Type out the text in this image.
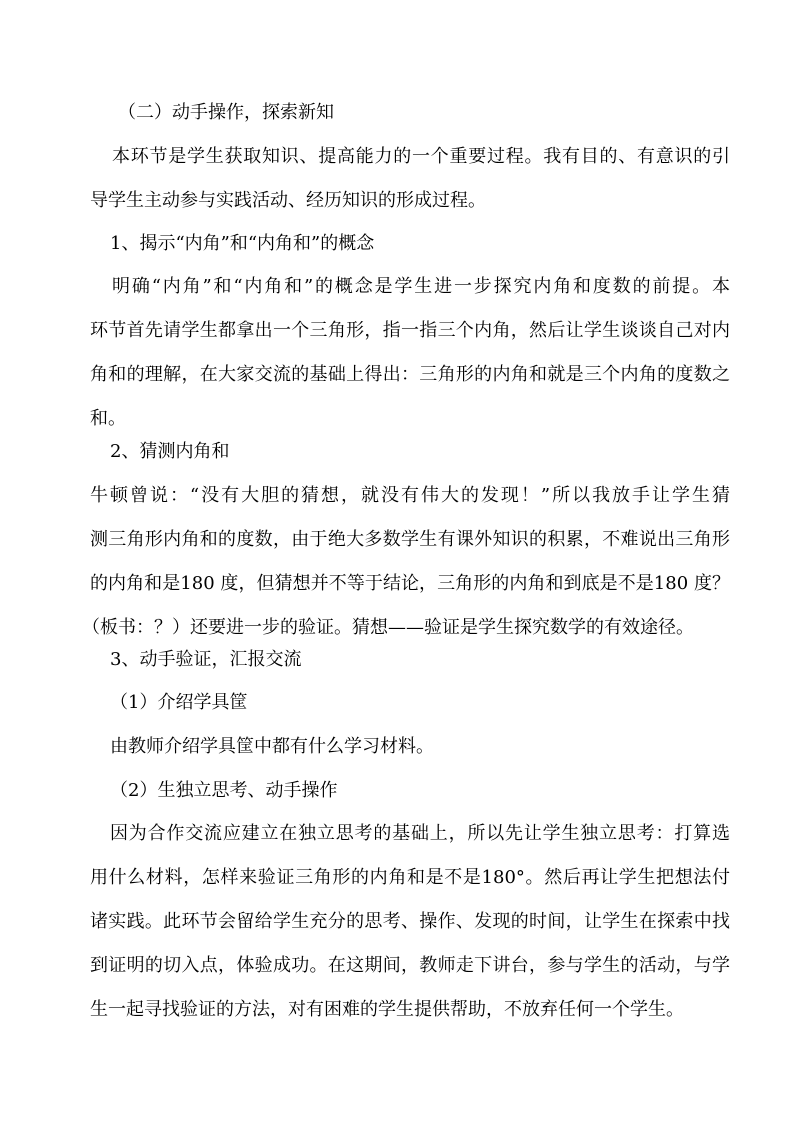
（二）动手操作，探索新知
本环节是学生获取知识、提高能力的一个重要过程。我有目的、有意识的引
导学生主动参与实践活动、经历知识的形成过程。
1、揭示“内角”和“内角和”的概念
明确“内角”和“内角和”的概念是学生进一步探究内角和度数的前提。本
环节首先请学生都拿出一个三角形，指一指三个内角，然后让学生谈谈自己对内
角和的理解，在大家交流的基础上得出：三角形的内角和就是三个内角的度数之
和。
2、猜测内角和
牛顿曾说：“没有大胆的猜想，就没有伟大的发现！”所以我放手让学生猜
测三角形内角和的度数，由于绝大多数学生有课外知识的积累，不难说出三角形
的内角和是180 度，但猜想并不等于结论，三角形的内角和到底是不是180 度？
（板书：？）还要进一步的验证。猜想——验证是学生探究数学的有效途径。
3、动手验证，汇报交流
（1）介绍学具筐
由教师介绍学具筐中都有什么学习材料。
（2）生独立思考、动手操作
因为合作交流应建立在独立思考的基础上，所以先让学生独立思考：打算选
用什么材料，怎样来验证三角形的内角和是不是180°。然后再让学生把想法付
诸实践。此环节会留给学生充分的思考、操作、发现的时间，让学生在探索中找
到证明的切入点，体验成功。在这期间，教师走下讲台，参与学生的活动，与学
生一起寻找验证的方法，对有困难的学生提供帮助，不放弃任何一个学生。
